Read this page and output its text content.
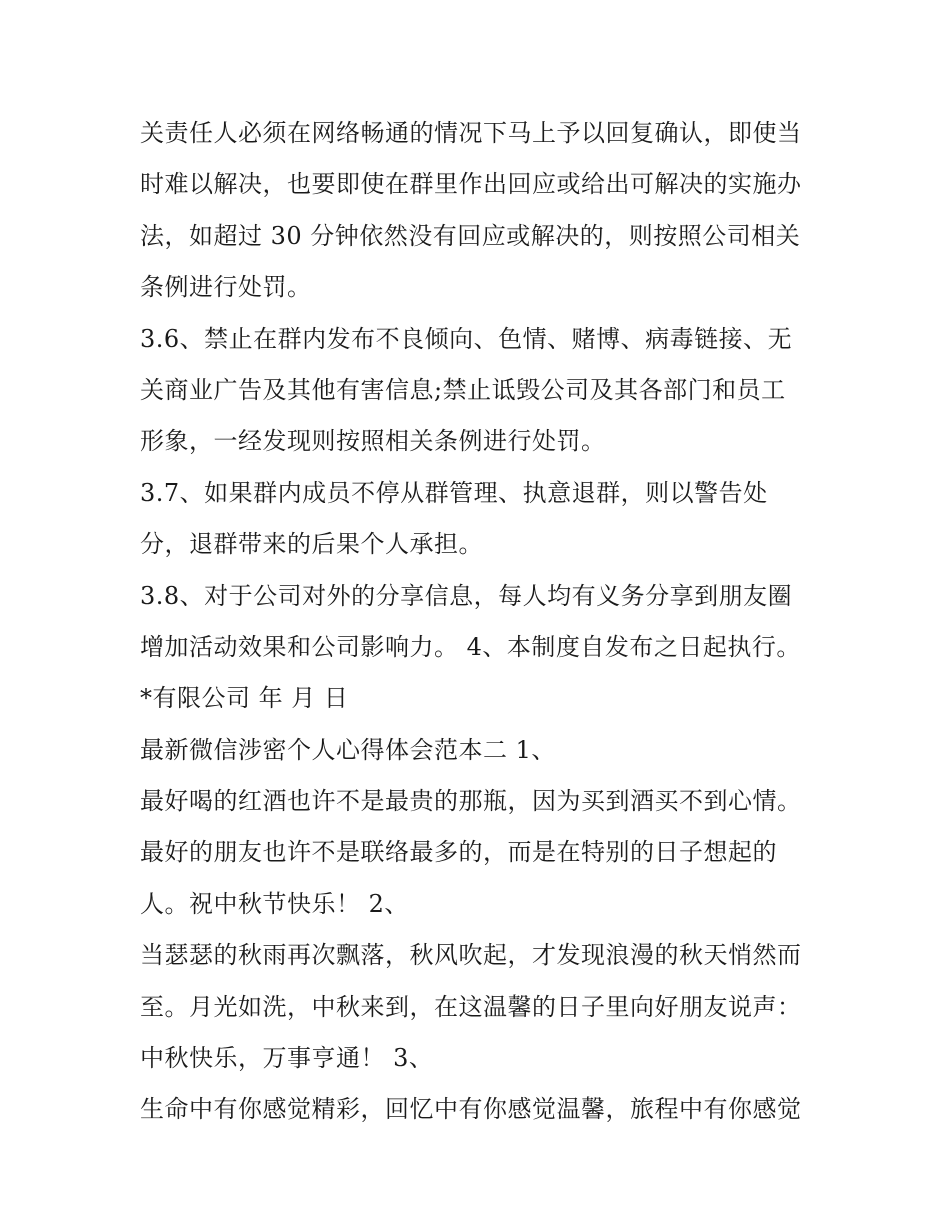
关责任人必须在网络畅通的情况下马上予以回复确认，即使当
时难以解决，也要即使在群里作出回应或给出可解决的实施办
法，如超过 30 分钟依然没有回应或解决的，则按照公司相关
条例进行处罚。
3.6、禁止在群内发布不良倾向、色情、赌博、病毒链接、无
关商业广告及其他有害信息;禁止诋毁公司及其各部门和员工
形象，一经发现则按照相关条例进行处罚。
3.7、如果群内成员不停从群管理、执意退群，则以警告处
分，退群带来的后果个人承担。
3.8、对于公司对外的分享信息，每人均有义务分享到朋友圈
增加活动效果和公司影响力。 4、本制度自发布之日起执行。
*有限公司 年 月 日
最新微信涉密个人心得体会范本二 1、
最好喝的红酒也许不是最贵的那瓶，因为买到酒买不到心情。
最好的朋友也许不是联络最多的，而是在特别的日子想起的
人。祝中秋节快乐！ 2、
当瑟瑟的秋雨再次飘落，秋风吹起，才发现浪漫的秋天悄然而
至。月光如洗，中秋来到，在这温馨的日子里向好朋友说声：
中秋快乐，万事亨通！ 3、
生命中有你感觉精彩，回忆中有你感觉温馨，旅程中有你感觉
